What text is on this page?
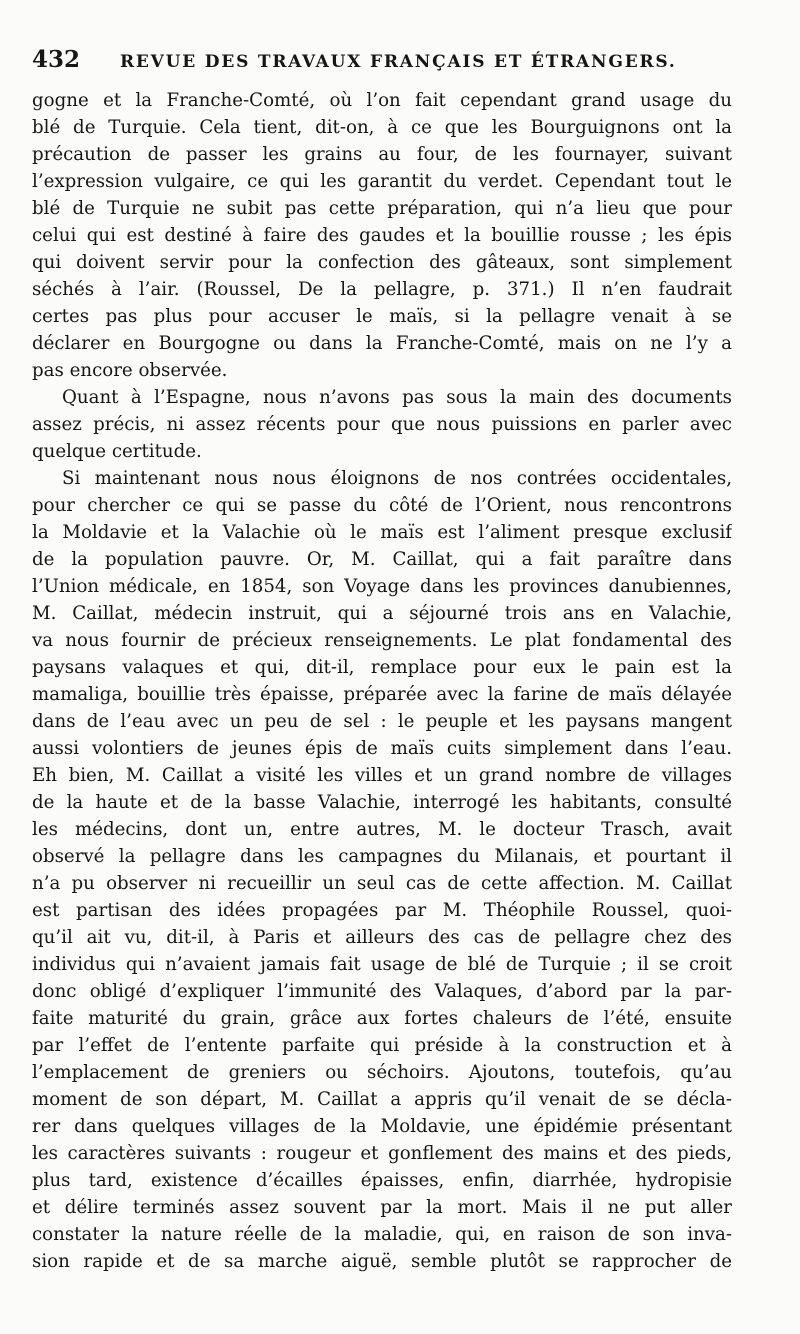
432 REVUE DES TRAVAUX FRANÇAIS ET ÉTRANGERS.
gogne et la Franche-Comté, où l’on fait cependant grand usage du
blé de Turquie. Cela tient, dit-on, à ce que les Bourguignons ont la
précaution de passer les grains au four, de les fournayer, suivant
l’expression vulgaire, ce qui les garantit du verdet. Cependant tout le
blé de Turquie ne subit pas cette préparation, qui n’a lieu que pour
celui qui est destiné à faire des gaudes et la bouillie rousse ; les épis
qui doivent servir pour la confection des gâteaux, sont simplement
séchés à l’air. (Roussel, De la pellagre, p. 371.) Il n’en faudrait
certes pas plus pour accuser le maïs, si la pellagre venait à se
déclarer en Bourgogne ou dans la Franche-Comté, mais on ne l’y a
pas encore observée.
Quant à l’Espagne, nous n’avons pas sous la main des documents
assez précis, ni assez récents pour que nous puissions en parler avec
quelque certitude.
Si maintenant nous nous éloignons de nos contrées occidentales,
pour chercher ce qui se passe du côté de l’Orient, nous rencontrons
la Moldavie et la Valachie où le maïs est l’aliment presque exclusif
de la population pauvre. Or, M. Caillat, qui a fait paraître dans
l’Union médicale, en 1854, son Voyage dans les provinces danubiennes,
M. Caillat, médecin instruit, qui a séjourné trois ans en Valachie,
va nous fournir de précieux renseignements. Le plat fondamental des
paysans valaques et qui, dit-il, remplace pour eux le pain est la
mamaliga, bouillie très épaisse, préparée avec la farine de maïs délayée
dans de l’eau avec un peu de sel : le peuple et les paysans mangent
aussi volontiers de jeunes épis de maïs cuits simplement dans l’eau.
Eh bien, M. Caillat a visité les villes et un grand nombre de villages
de la haute et de la basse Valachie, interrogé les habitants, consulté
les médecins, dont un, entre autres, M. le docteur Trasch, avait
observé la pellagre dans les campagnes du Milanais, et pourtant il
n’a pu observer ni recueillir un seul cas de cette affection. M. Caillat
est partisan des idées propagées par M. Théophile Roussel, quoi-
qu’il ait vu, dit-il, à Paris et ailleurs des cas de pellagre chez des
individus qui n’avaient jamais fait usage de blé de Turquie ; il se croit
donc obligé d’expliquer l’immunité des Valaques, d’abord par la par-
faite maturité du grain, grâce aux fortes chaleurs de l’été, ensuite
par l’effet de l’entente parfaite qui préside à la construction et à
l’emplacement de greniers ou séchoirs. Ajoutons, toutefois, qu’au
moment de son départ, M. Caillat a appris qu’il venait de se décla-
rer dans quelques villages de la Moldavie, une épidémie présentant
les caractères suivants : rougeur et gonflement des mains et des pieds,
plus tard, existence d’écailles épaisses, enfin, diarrhée, hydropisie
et délire terminés assez souvent par la mort. Mais il ne put aller
constater la nature réelle de la maladie, qui, en raison de son inva-
sion rapide et de sa marche aiguë, semble plutôt se rapprocher de
